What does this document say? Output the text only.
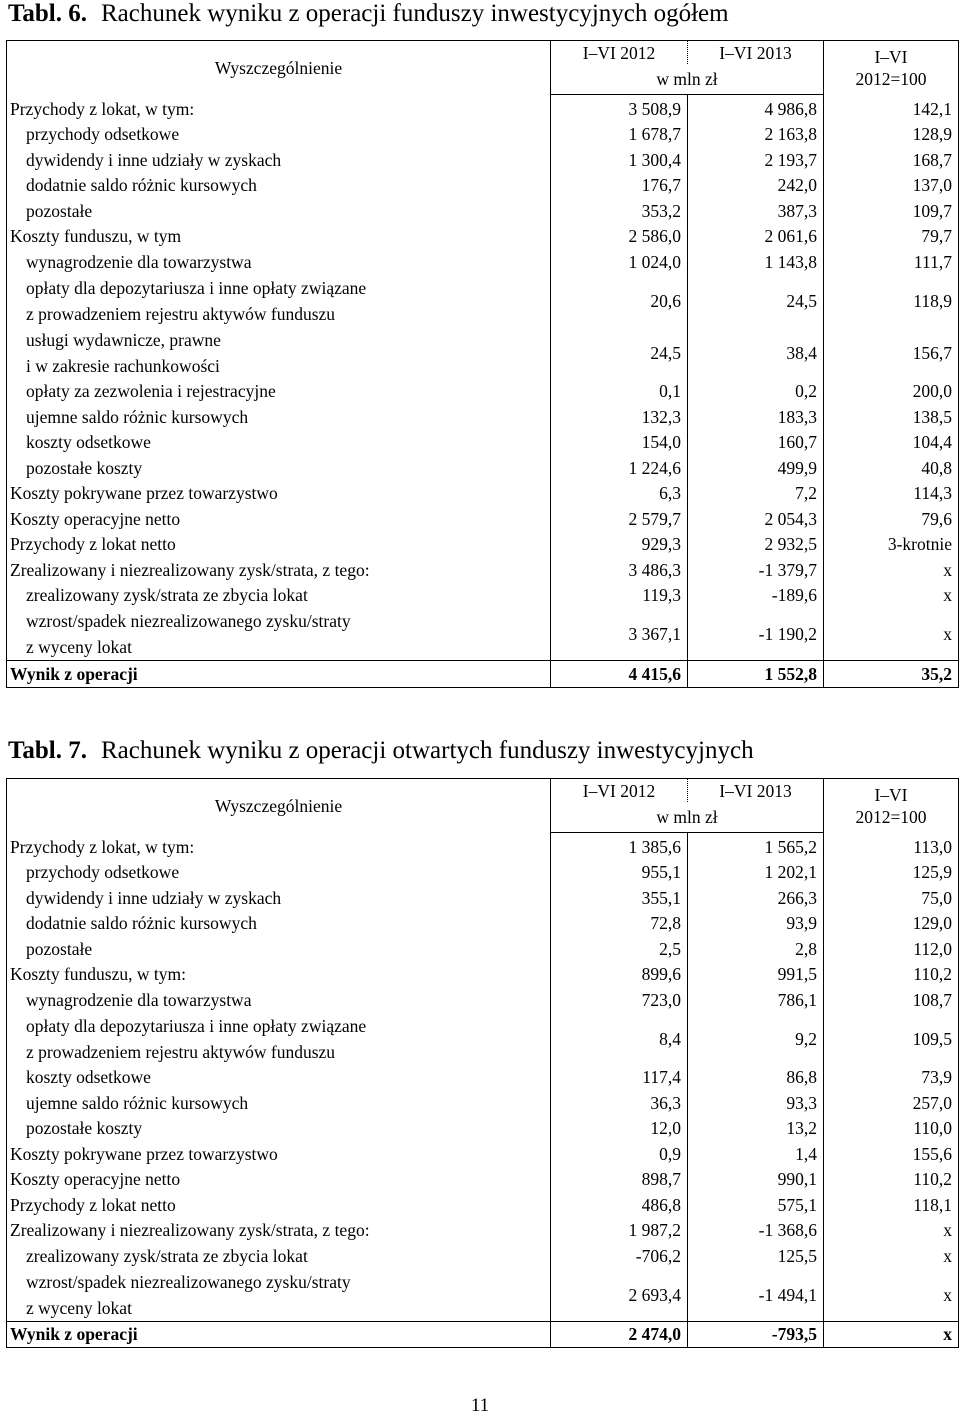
Tabl. 6. Rachunek wyniku z operacji funduszy inwestycyjnych ogółem
Wyszczególnienie	I–VI 2012	I–VI 2013	I–VI
2012=100
	w mln zł		
Przychody z lokat, w tym:	3 508,9	4 986,8	142,1
przychody odsetkowe	1 678,7	2 163,8	128,9
dywidendy i inne udziały w zyskach	1 300,4	2 193,7	168,7
dodatnie saldo różnic kursowych	176,7	242,0	137,0
pozostałe	353,2	387,3	109,7
Koszty funduszu, w tym	2 586,0	2 061,6	79,7
wynagrodzenie dla towarzystwa	1 024,0	1 143,8	111,7
opłaty dla depozytariusza i inne opłaty związane
z prowadzeniem rejestru aktywów funduszu	20,6	24,5	118,9
usługi wydawnicze, prawne
i w zakresie rachunkowości	24,5	38,4	156,7
opłaty za zezwolenia i rejestracyjne	0,1	0,2	200,0
ujemne saldo różnic kursowych	132,3	183,3	138,5
koszty odsetkowe	154,0	160,7	104,4
pozostałe koszty	1 224,6	499,9	40,8
Koszty pokrywane przez towarzystwo	6,3	7,2	114,3
Koszty operacyjne netto	2 579,7	2 054,3	79,6
Przychody z lokat netto	929,3	2 932,5	3-krotnie
Zrealizowany i niezrealizowany zysk/strata, z tego:	3 486,3	-1 379,7	x
zrealizowany zysk/strata ze zbycia lokat	119,3	-189,6	x
wzrost/spadek niezrealizowanego zysku/straty
z wyceny lokat	3 367,1	-1 190,2	x
Wynik z operacji	4 415,6	1 552,8	35,2
Tabl. 7. Rachunek wyniku z operacji otwartych funduszy inwestycyjnych
Wyszczególnienie	I–VI 2012	I–VI 2013	I–VI
2012=100
	w mln zł		
Przychody z lokat, w tym:	1 385,6	1 565,2	113,0
przychody odsetkowe	955,1	1 202,1	125,9
dywidendy i inne udziały w zyskach	355,1	266,3	75,0
dodatnie saldo różnic kursowych	72,8	93,9	129,0
pozostałe	2,5	2,8	112,0
Koszty funduszu, w tym:	899,6	991,5	110,2
wynagrodzenie dla towarzystwa	723,0	786,1	108,7
opłaty dla depozytariusza i inne opłaty związane
z prowadzeniem rejestru aktywów funduszu	8,4	9,2	109,5
koszty odsetkowe	117,4	86,8	73,9
ujemne saldo różnic kursowych	36,3	93,3	257,0
pozostałe koszty	12,0	13,2	110,0
Koszty pokrywane przez towarzystwo	0,9	1,4	155,6
Koszty operacyjne netto	898,7	990,1	110,2
Przychody z lokat netto	486,8	575,1	118,1
Zrealizowany i niezrealizowany zysk/strata, z tego:	1 987,2	-1 368,6	x
zrealizowany zysk/strata ze zbycia lokat	-706,2	125,5	x
wzrost/spadek niezrealizowanego zysku/straty
z wyceny lokat	2 693,4	-1 494,1	x
Wynik z operacji	2 474,0	-793,5	x
11
